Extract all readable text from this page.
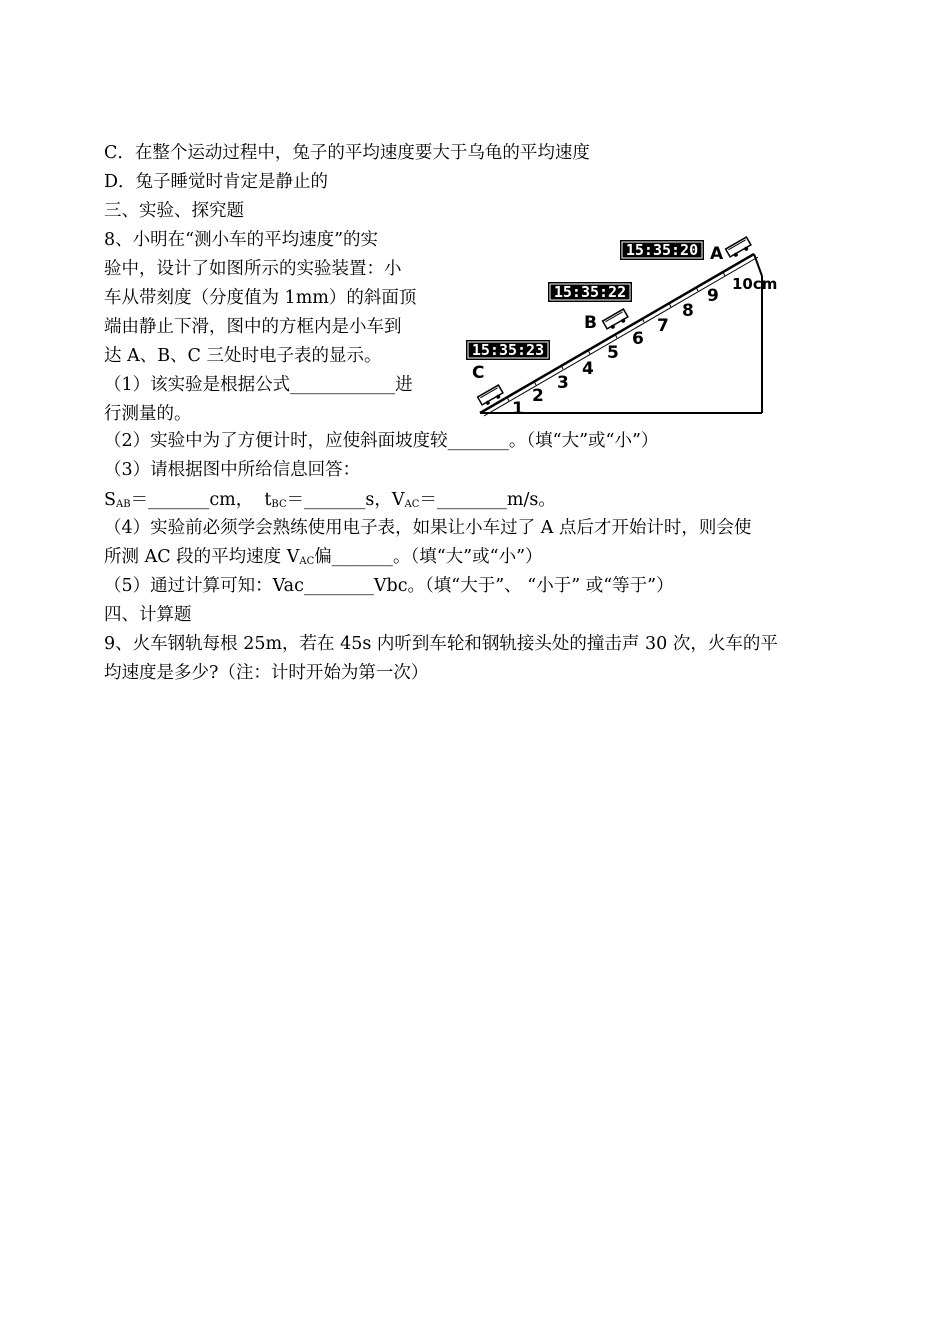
C．在整个运动过程中，兔子的平均速度要大于乌龟的平均速度

D．兔子睡觉时肯定是静止的

三、实验、探究题

8、小明在“测小车的平均速度”的实

验中，设计了如图所示的实验装置：小

车从带刻度（分度值为 1mm）的斜面顶

端由静止下滑，图中的方框内是小车到

达 A、B、C 三处时电子表的显示。

（1）该实验是根据公式____________进

行测量的。	1
2
3
4
5
6
7
8
9
10cm
A
B
C
15:35:20
15:35:22
15:35:23

（2）实验中为了方便计时，应使斜面坡度较_______。（填“大”或“小”）

（3）请根据图中所给信息回答：

$S_{AB}=\_\_\_\_\_\_\_cm$， $t_{BC}=\_\_\_\_\_\_\_s$，$V_{AC}=\_\_\_\_\_\_\_\_m/s$。

（4）实验前必须学会熟练使用电子表，如果让小车过了 A 点后才开始计时，则会使

所测 AC 段的平均速度 $V_{AC}$偏_______。（填“大”或“小”）

（5）通过计算可知：Vac________Vbc。（填“大于”、 “小于” 或“等于”）

四、计算题

9、火车钢轨每根 25m，若在 45s 内听到车轮和钢轨接头处的撞击声 30 次，火车的平

均速度是多少?（注：计时开始为第一次）
